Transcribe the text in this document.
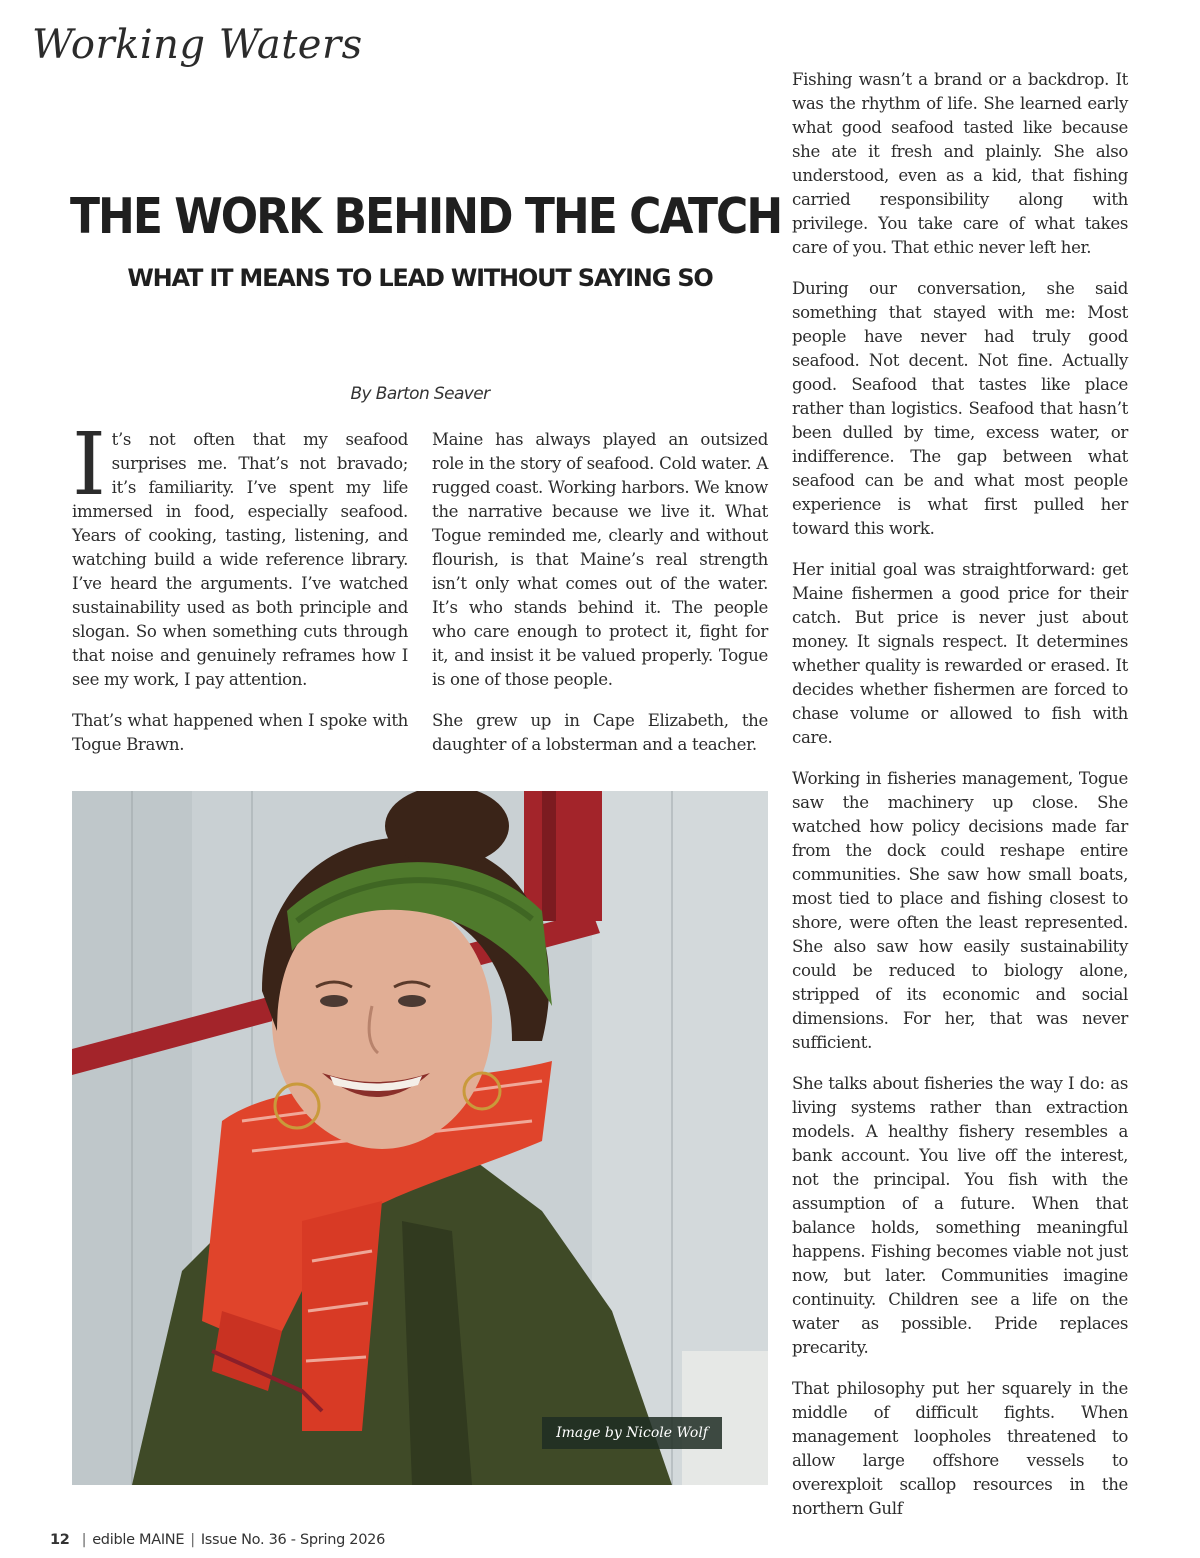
Working Waters
THE WORK BEHIND THE CATCH
WHAT IT MEANS TO LEAD WITHOUT SAYING SO
By Barton Seaver

It’s not often that my seafood surprises me. That’s not bravado; it’s familiarity. I’ve spent my life immersed in food, especially seafood. Years of cooking, tasting, listening, and watching build a wide reference library. I’ve heard the arguments. I’ve watched sustainability used as both principle and slogan. So when something cuts through that noise and genuinely reframes how I see my work, I pay attention.

That’s what happened when I spoke with Togue Brawn.

Maine has always played an outsized role in the story of seafood. Cold water. A rugged coast. Working harbors. We know the narrative because we live it. What Togue reminded me, clearly and without flourish, is that Maine’s real strength isn’t only what comes out of the water. It’s who stands behind it. The people who care enough to protect it, fight for it, and insist it be valued properly. Togue is one of those people.

She grew up in Cape Elizabeth, the daughter of a lobsterman and a teacher.

Fishing wasn’t a brand or a backdrop. It was the rhythm of life. She learned early what good seafood tasted like because she ate it fresh and plainly. She also understood, even as a kid, that fishing carried responsibility along with privilege. You take care of what takes care of you. That ethic never left her.

During our conversation, she said something that stayed with me: Most people have never had truly good seafood. Not decent. Not fine. Actually good. Seafood that tastes like place rather than logistics. Seafood that hasn’t been dulled by time, excess water, or indifference. The gap between what seafood can be and what most people experience is what first pulled her toward this work.

Her initial goal was straightforward: get Maine fishermen a good price for their catch. But price is never just about money. It signals respect. It determines whether quality is rewarded or erased. It decides whether fishermen are forced to chase volume or allowed to fish with care.

Working in fisheries management, Togue saw the machinery up close. She watched how policy decisions made far from the dock could reshape entire communities. She saw how small boats, most tied to place and fishing closest to shore, were often the least represented. She also saw how easily sustainability could be reduced to biology alone, stripped of its economic and social dimensions. For her, that was never sufficient.

She talks about fisheries the way I do: as living systems rather than extraction models. A healthy fishery resembles a bank account. You live off the interest, not the principal. You fish with the assumption of a future. When that balance holds, something meaningful happens. Fishing becomes viable not just now, but later. Communities imagine continuity. Children see a life on the water as possible. Pride replaces precarity.

That philosophy put her squarely in the middle of difficult fights. When management loopholes threatened to allow large offshore vessels to overexploit scallop resources in the northern Gulf

Image by Nicole Wolf
12 | edible MAINE | Issue No. 36 - Spring 2026
